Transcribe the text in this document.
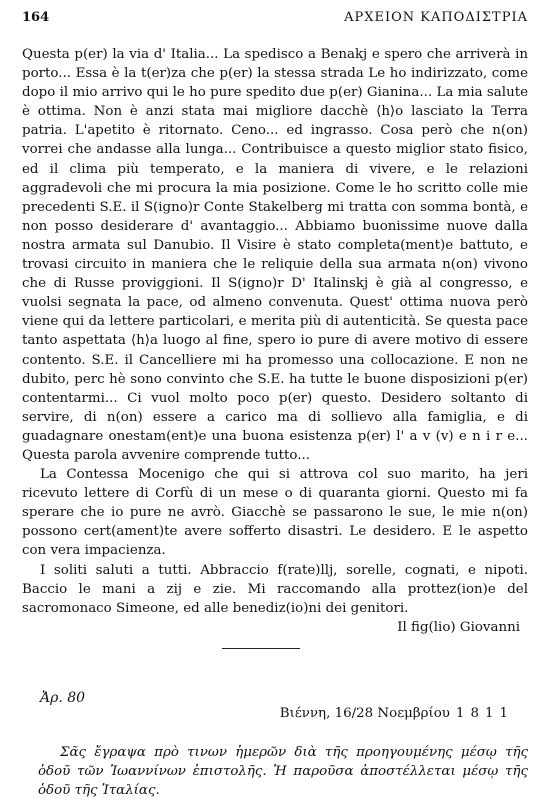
164	ΑΡΧΕΙΟΝ ΚΑΠΟΔΙΣΤΡΙΑ

Questa p(er) la via d' Italia... La spedisco a Benakj e spero che arriverà in porto... Essa è la t(er)za che p(er) la stessa strada Le ho indirizzato, come dopo il mio arrivo qui le ho pure spedito due p(er) Gianina... La mia salute è ottima. Non è anzi stata mai migliore dacchè ⟨h⟩o lasciato la Terra patria. L'apetito è ritornato. Ceno... ed ingrasso. Cosa però che n(on) vorrei che andasse alla lunga... Contribuisce a questo miglior stato fisico, ed il clima più temperato, e la maniera di vivere, e le relazioni aggradevoli che mi procura la mia posizione. Come le ho scritto colle mie precedenti S.E. il S(igno)r Conte Stakelberg mi tratta con somma bontà, e non posso desiderare d' avantaggio... Abbiamo buonissime nuove dalla nostra armata sul Danubio. Il Visire è stato completa(ment)e battuto, e trovasi circuito in maniera che le reliquie della sua armata n(on) vivono che di Russe proviggioni. Il S(igno)r D' Italinskj è già al congresso, e vuolsi segnata la pace, od almeno convenuta. Quest' ottima nuova però viene qui da lettere particolari, e merita più di autenticità. Se questa pace tanto aspettata ⟨h⟩a luogo al fine, spero io pure di avere motivo di essere contento. S.E. il Cancelliere mi ha promesso una collocazione. E non ne dubito, perc hè sono convinto che S.E. ha tutte le buone disposizioni p(er) contentarmi... Ci vuol molto poco p(er) questo. Desidero soltanto di servire, di n(on) essere a carico ma di sollievo alla famiglia, e di guadagnare onestam(ent)e una buona esistenza p(er) l' a v (v) e n i r e... Questa parola avvenire comprende tutto...

La Contessa Mocenigo che qui si attrova col suo marito, ha jeri ricevuto lettere di Corfù di un mese o di quaranta giorni. Questo mi fa sperare che io pure ne avrò. Giacchè se passarono le sue, le mie n(on) possono cert(ament)te avere sofferto disastri. Le desidero. E le aspetto con vera impacienza.

I soliti saluti a tutti. Abbraccio f(rate)llj, sorelle, cognati, e nipoti. Baccio le mani a zij e zie. Mi raccomando alla prottez(ion)e del sacromonaco Simeone, ed alle benediz(io)ni dei genitori.

Il fig(lio) Giovanni

Ἀρ. 80
Βιέννη, 16/28 Νοεμβρίου 1811

Σᾶς ἔγραψα πρὸ τινων ἡμερῶν διὰ τῆς προηγουμένης μέσῳ τῆς ὁδοῦ τῶν Ἰωαννίνων ἐπιστολῆς. Ἡ παροῦσα ἀποστέλλεται μέσῳ τῆς ὁδοῦ τῆς Ἰταλίας.
